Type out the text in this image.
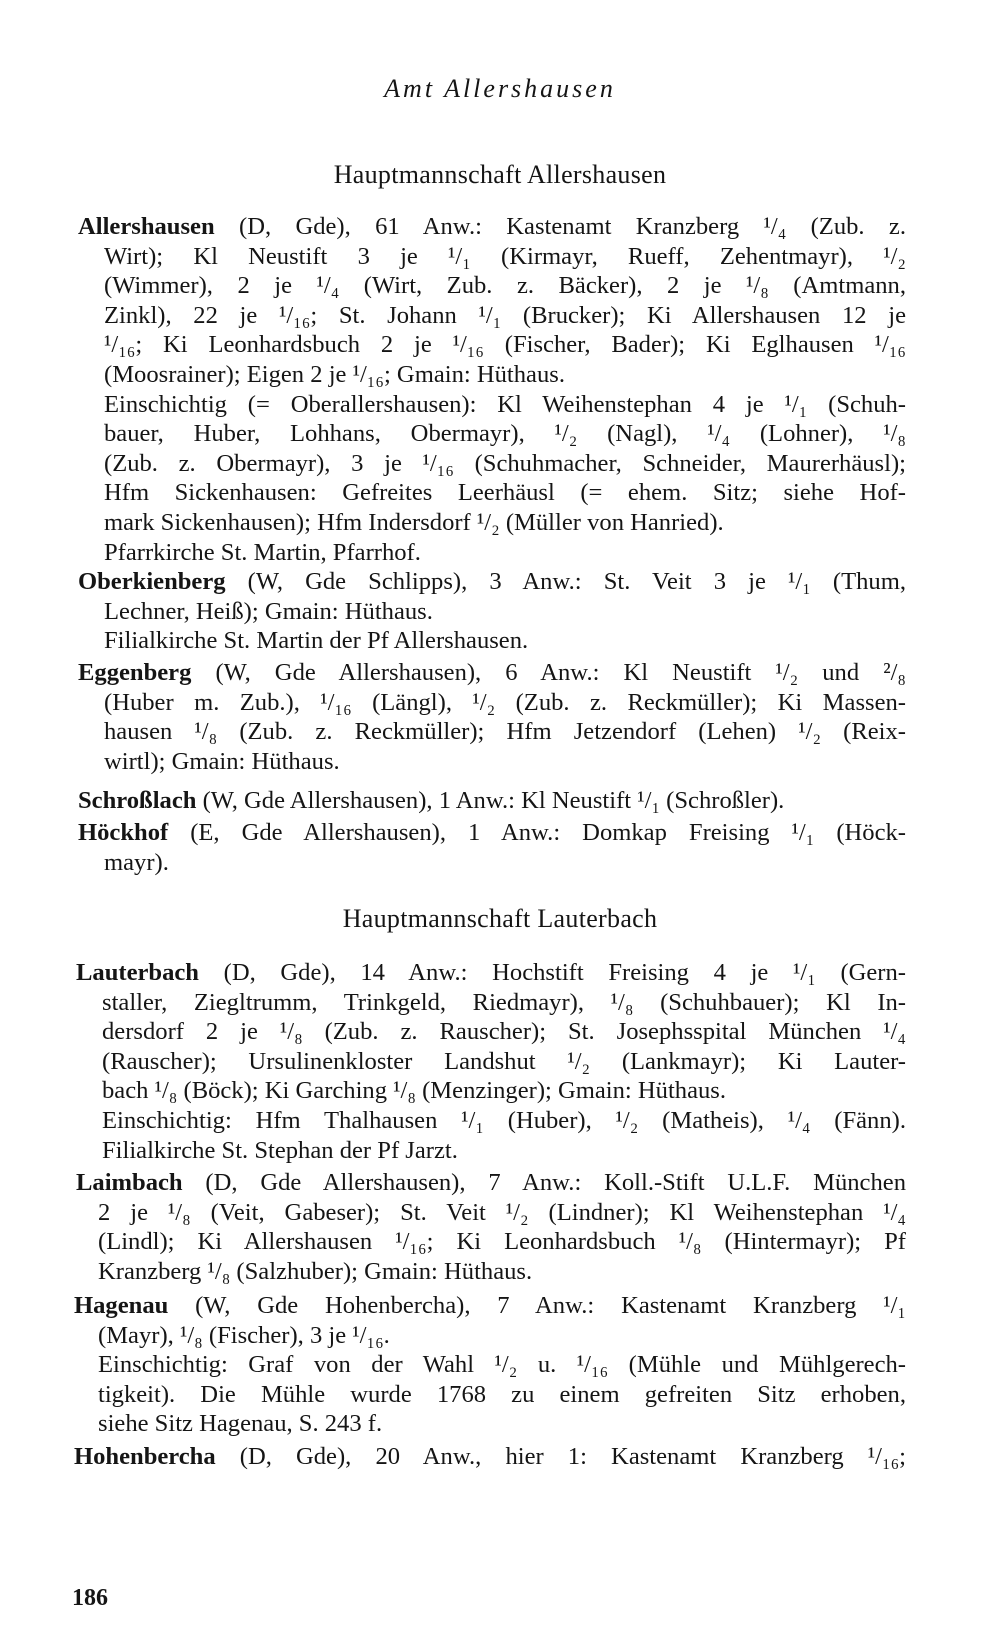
Amt Allershausen
Hauptmannschaft Allershausen
Allershausen (D, Gde), 61 Anw.: Kastenamt Kranzberg ¹/₄ (Zub. z.
Wirt); Kl Neustift 3 je ¹/₁ (Kirmayr, Rueff, Zehentmayr), ¹/₂
(Wimmer), 2 je ¹/₄ (Wirt, Zub. z. Bäcker), 2 je ¹/₈ (Amtmann,
Zinkl), 22 je ¹/₁₆; St. Johann ¹/₁ (Brucker); Ki Allershausen 12 je
¹/₁₆; Ki Leonhardsbuch 2 je ¹/₁₆ (Fischer, Bader); Ki Eglhausen ¹/₁₆
(Moosrainer); Eigen 2 je ¹/₁₆; Gmain: Hüthaus.
Einschichtig (= Oberallershausen): Kl Weihenstephan 4 je ¹/₁ (Schuh-
bauer, Huber, Lohhans, Obermayr), ¹/₂ (Nagl), ¹/₄ (Lohner), ¹/₈
(Zub. z. Obermayr), 3 je ¹/₁₆ (Schuhmacher, Schneider, Maurerhäusl);
Hfm Sickenhausen: Gefreites Leerhäusl (= ehem. Sitz; siehe Hof-
mark Sickenhausen); Hfm Indersdorf ¹/₂ (Müller von Hanried).
Pfarrkirche St. Martin, Pfarrhof.
Oberkienberg (W, Gde Schlipps), 3 Anw.: St. Veit 3 je ¹/₁ (Thum,
Lechner, Heiß); Gmain: Hüthaus.
Filialkirche St. Martin der Pf Allershausen.
Eggenberg (W, Gde Allershausen), 6 Anw.: Kl Neustift ¹/₂ und ²/₈
(Huber m. Zub.), ¹/₁₆ (Längl), ¹/₂ (Zub. z. Reckmüller); Ki Massen-
hausen ¹/₈ (Zub. z. Reckmüller); Hfm Jetzendorf (Lehen) ¹/₂ (Reix-
wirtl); Gmain: Hüthaus.
Schroßlach (W, Gde Allershausen), 1 Anw.: Kl Neustift ¹/₁ (Schroßler).
Höckhof (E, Gde Allershausen), 1 Anw.: Domkap Freising ¹/₁ (Höck-
mayr).
Hauptmannschaft Lauterbach
Lauterbach (D, Gde), 14 Anw.: Hochstift Freising 4 je ¹/₁ (Gern-
staller, Ziegltrumm, Trinkgeld, Riedmayr), ¹/₈ (Schuhbauer); Kl In-
dersdorf 2 je ¹/₈ (Zub. z. Rauscher); St. Josephsspital München ¹/₄
(Rauscher); Ursulinenkloster Landshut ¹/₂ (Lankmayr); Ki Lauter-
bach ¹/₈ (Böck); Ki Garching ¹/₈ (Menzinger); Gmain: Hüthaus.
Einschichtig: Hfm Thalhausen ¹/₁ (Huber), ¹/₂ (Matheis), ¹/₄ (Fänn).
Filialkirche St. Stephan der Pf Jarzt.
Laimbach (D, Gde Allershausen), 7 Anw.: Koll.-Stift U.L.F. München
2 je ¹/₈ (Veit, Gabeser); St. Veit ¹/₂ (Lindner); Kl Weihenstephan ¹/₄
(Lindl); Ki Allershausen ¹/₁₆; Ki Leonhardsbuch ¹/₈ (Hintermayr); Pf
Kranzberg ¹/₈ (Salzhuber); Gmain: Hüthaus.
Hagenau (W, Gde Hohenbercha), 7 Anw.: Kastenamt Kranzberg ¹/₁
(Mayr), ¹/₈ (Fischer), 3 je ¹/₁₆.
Einschichtig: Graf von der Wahl ¹/₂ u. ¹/₁₆ (Mühle und Mühlgerech-
tigkeit). Die Mühle wurde 1768 zu einem gefreiten Sitz erhoben,
siehe Sitz Hagenau, S. 243 f.
Hohenbercha (D, Gde), 20 Anw., hier 1: Kastenamt Kranzberg ¹/₁₆;
186
